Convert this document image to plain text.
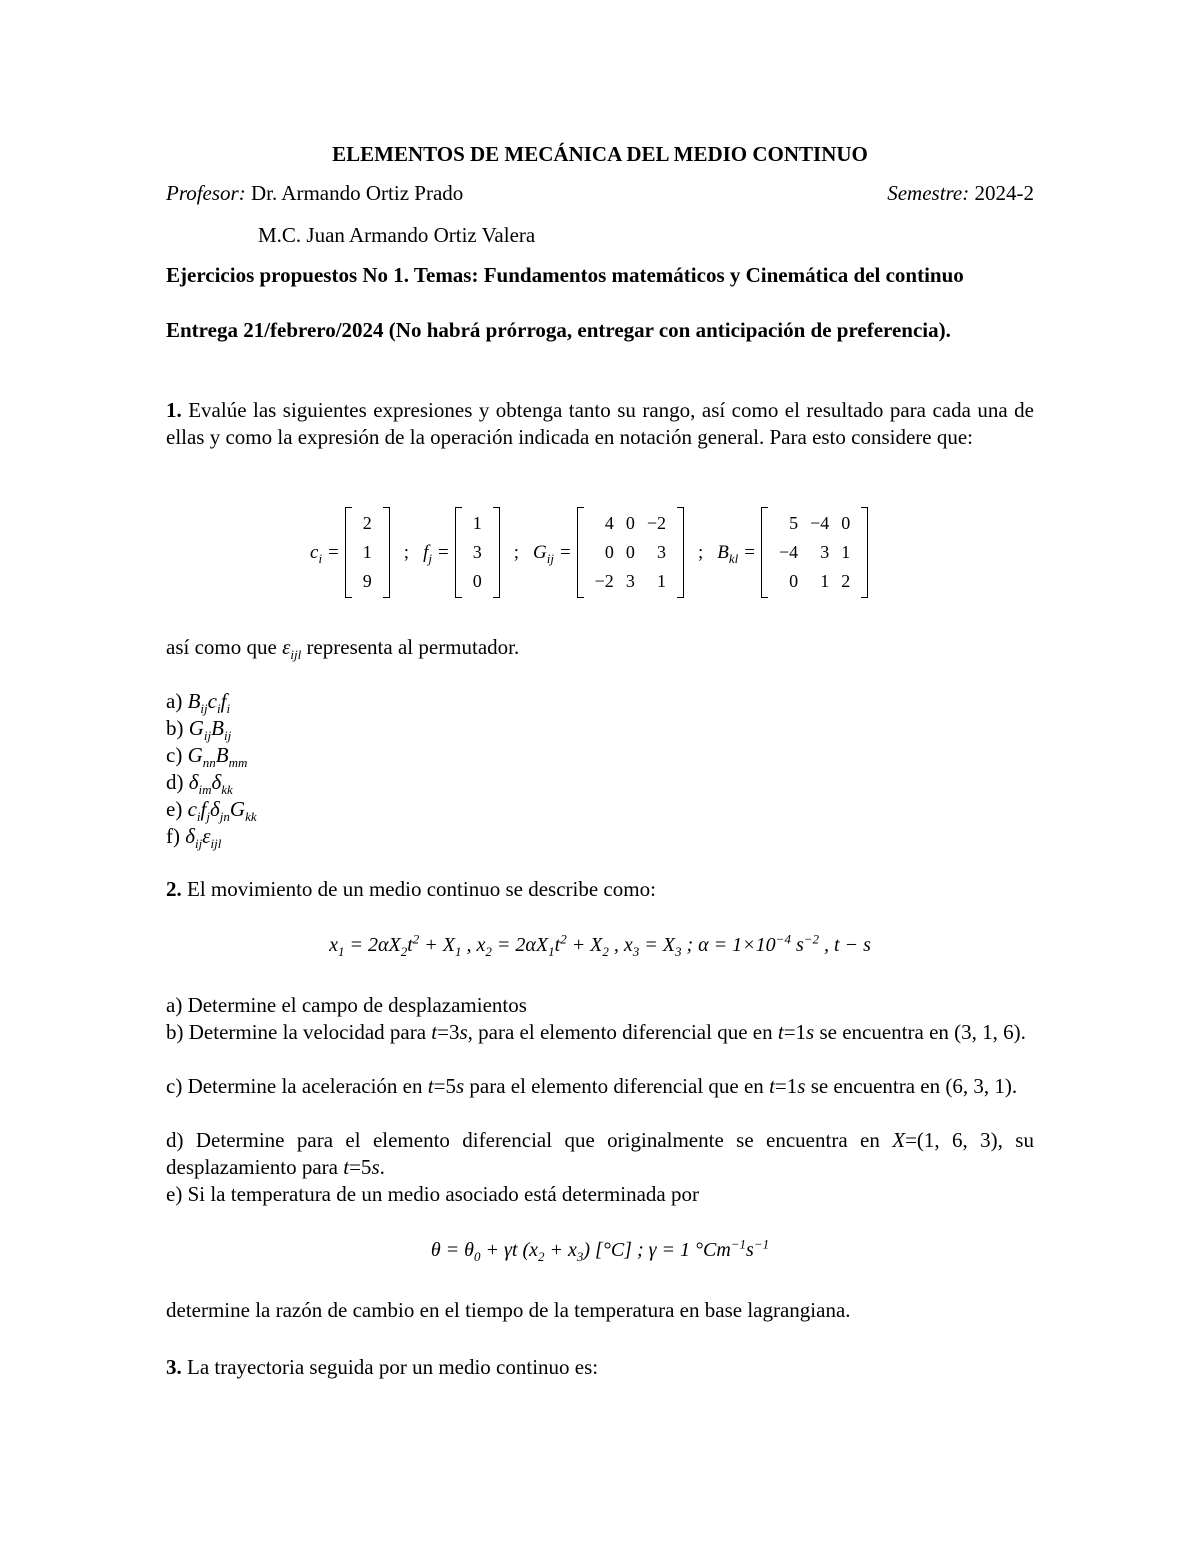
ELEMENTOS DE MECÁNICA DEL MEDIO CONTINUO
Profesor: Dr. Armando Ortiz Prado	Semestre: 2024-2
M.C. Juan Armando Ortiz Valera
Ejercicios propuestos No 1. Temas: Fundamentos matemáticos y Cinemática del continuo
Entrega 21/febrero/2024 (No habrá prórroga, entregar con anticipación de preferencia).
1. Evalúe las siguientes expresiones y obtenga tanto su rango, así como el resultado para cada una de ellas y como la expresión de la operación indicada en notación general. Para esto considere que:
$c_i$ =
2
1
9
; $f_j$ =
1
3
0
; $G_{ij}$ =
4	0	−2
0	0	3
−2	3	1
; $B_{kl}$ =
5	−4	0
−4	3	1
0	1	2
así como que $\varepsilon_{ijl}$ representa al permutador.
a) $B_{ij}c_if_i$
b) $G_{ij}B_{ij}$
c) $G_{nn}B_{mm}$
d) $\delta_{im}\delta_{kk}$
e) $c_if_j\delta_{jn}G_{kk}$
f) $\delta_{ij}\varepsilon_{ijl}$
2. El movimiento de un medio continuo se describe como:
$x_1 = 2\alpha X_2t^2 + X_1$ , $x_2 = 2\alpha X_1t^2 + X_2$ , $x_3 = X_3$ ; $\alpha = 1\times 10^{-4}$ $s^{-2}$ , t − s
a) Determine el campo de desplazamientos
b) Determine la velocidad para t=3s, para el elemento diferencial que en t=1s se encuentra en (3, 1, 6).
c) Determine la aceleración en t=5s para el elemento diferencial que en t=1s se encuentra en (6, 3, 1).
d) Determine para el elemento diferencial que originalmente se encuentra en X=(1, 6, 3), su desplazamiento para t=5s.
e) Si la temperatura de un medio asociado está determinada por
$\theta = \theta_0 + \gamma t$ $(x_2 + x_3)$ [°C] ; γ = 1 $^\circ Cm^{-1}s^{-1}$
determine la razón de cambio en el tiempo de la temperatura en base lagrangiana.
3. La trayectoria seguida por un medio continuo es:
